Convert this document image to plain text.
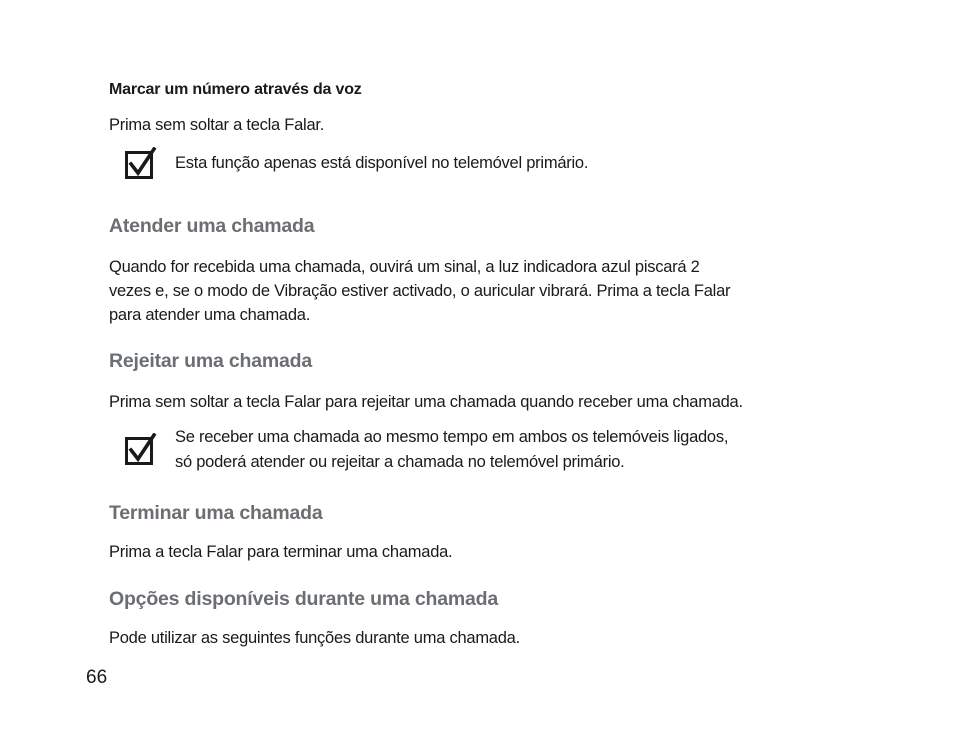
Marcar um número através da voz

Prima sem soltar a tecla Falar.

Esta função apenas está disponível no telemóvel primário.

Atender uma chamada
Quando for recebida uma chamada, ouvirá um sinal, a luz indicadora azul piscará 2
vezes e, se o modo de Vibração estiver activado, o auricular vibrará. Prima a tecla Falar
para atender uma chamada.
Rejeitar uma chamada

Prima sem soltar a tecla Falar para rejeitar uma chamada quando receber uma chamada.

Se receber uma chamada ao mesmo tempo em ambos os telemóveis ligados,
só poderá atender ou rejeitar a chamada no telemóvel primário.
Terminar uma chamada

Prima a tecla Falar para terminar uma chamada.

Opções disponíveis durante uma chamada

Pode utilizar as seguintes funções durante uma chamada.

66
